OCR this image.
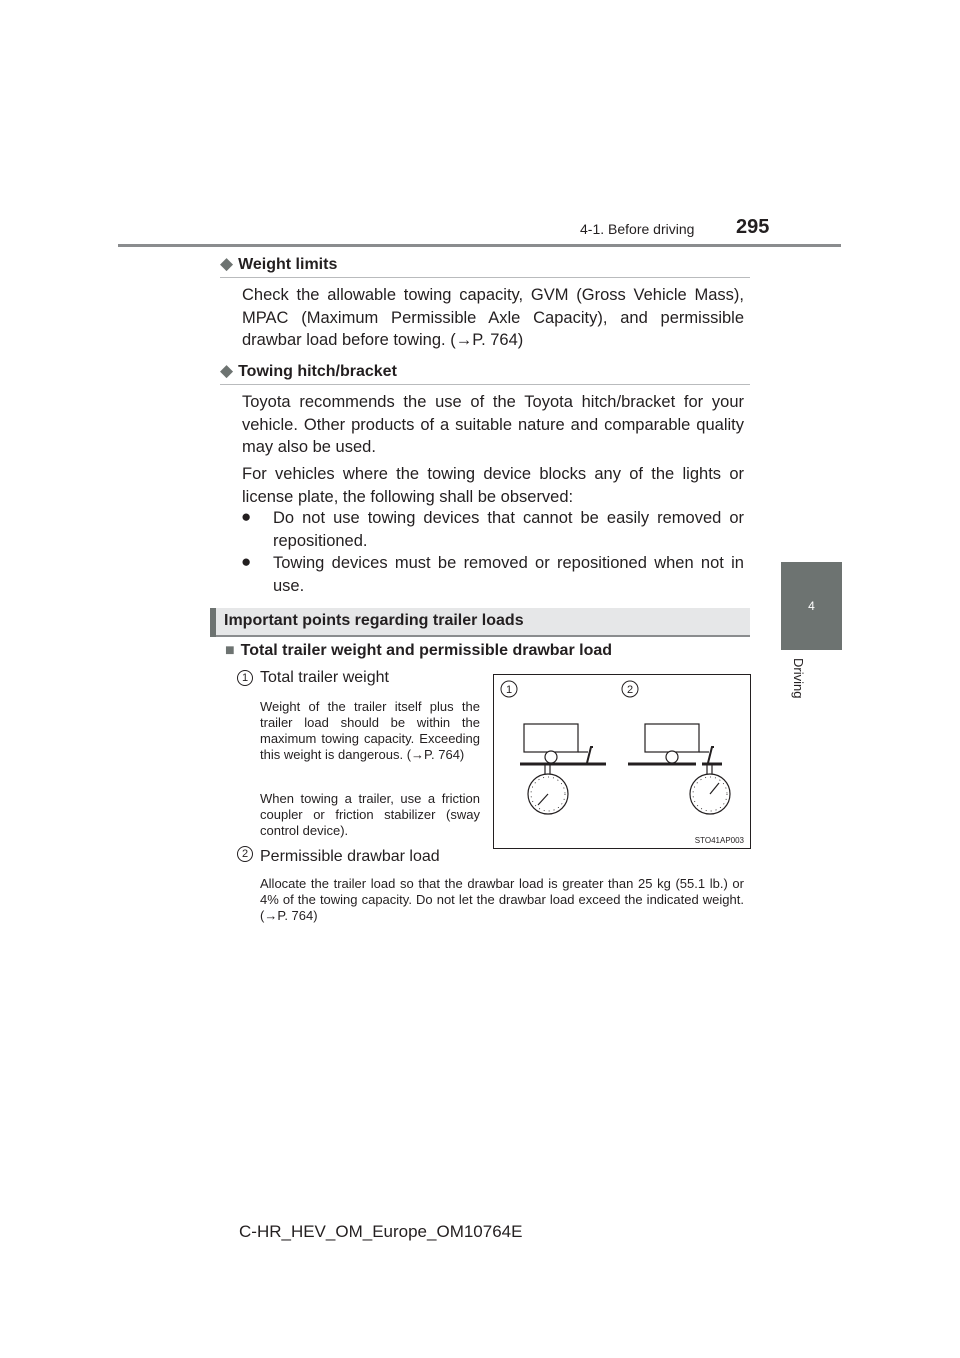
4-1. Before driving 295
4
Driving
◆ Weight limits
Check the allowable towing capacity, GVM (Gross Vehicle Mass), MPAC (Maximum Permissible Axle Capacity), and permissible drawbar load before towing. (→P. 764)
◆ Towing hitch/bracket
Toyota recommends the use of the Toyota hitch/bracket for your vehicle. Other products of a suitable nature and comparable quality may also be used.
For vehicles where the towing device blocks any of the lights or license plate, the following shall be observed:
● Do not use towing devices that cannot be easily removed or repositioned.
● Towing devices must be removed or repositioned when not in use.
Important points regarding trailer loads
■ Total trailer weight and permissible drawbar load
1 Total trailer weight
Weight of the trailer itself plus the trailer load should be within the maximum towing capacity. Exceeding this weight is dangerous. (→P. 764)
When towing a trailer, use a friction coupler or friction stabilizer (sway control device).
2 Permissible drawbar load
Allocate the trailer load so that the drawbar load is greater than 25 kg (55.1 lb.) or 4% of the towing capacity. Do not let the drawbar load exceed the indicated weight. (→P. 764)
1	2
STO41AP003
C-HR_HEV_OM_Europe_OM10764E
